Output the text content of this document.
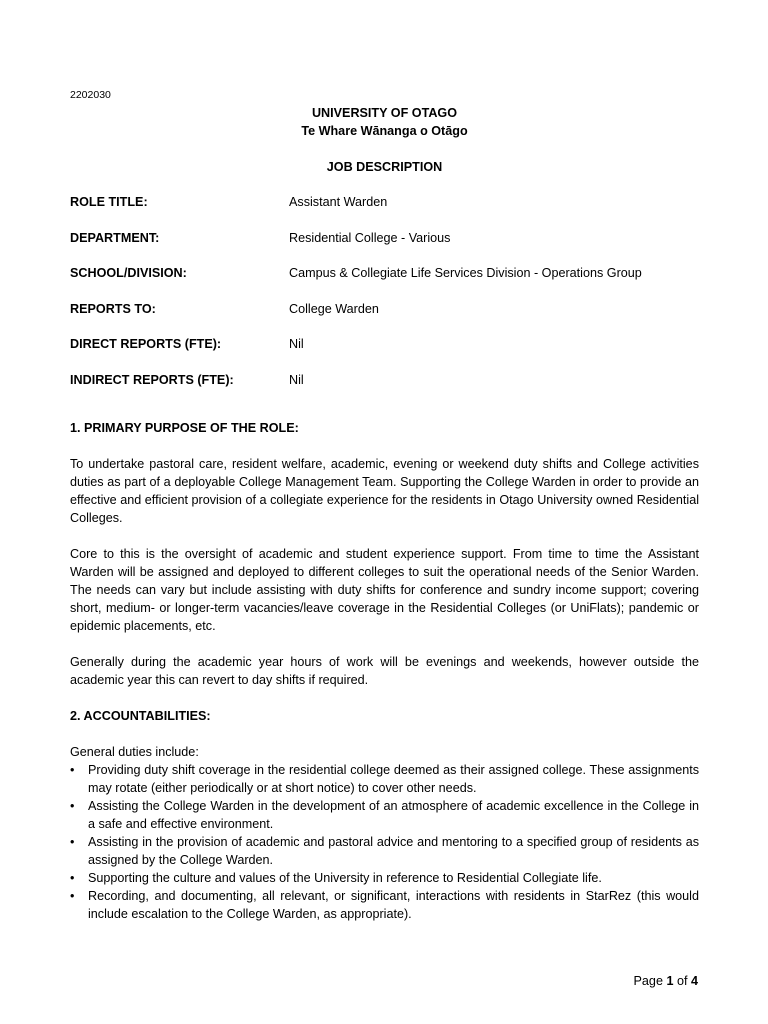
2202030
UNIVERSITY OF OTAGO
Te Whare Wānanga o Otāgo
JOB DESCRIPTION
ROLE TITLE:	Assistant Warden
DEPARTMENT:	Residential College - Various
SCHOOL/DIVISION:	Campus & Collegiate Life Services Division - Operations Group
REPORTS TO:	College Warden
DIRECT REPORTS (FTE):	Nil
INDIRECT REPORTS (FTE):	Nil
1. PRIMARY PURPOSE OF THE ROLE:
To undertake pastoral care, resident welfare, academic, evening or weekend duty shifts and College activities duties as part of a deployable College Management Team. Supporting the College Warden in order to provide an effective and efficient provision of a collegiate experience for the residents in Otago University owned Residential Colleges.
Core to this is the oversight of academic and student experience support. From time to time the Assistant Warden will be assigned and deployed to different colleges to suit the operational needs of the Senior Warden. The needs can vary but include assisting with duty shifts for conference and sundry income support; covering short, medium- or longer-term vacancies/leave coverage in the Residential Colleges (or UniFlats); pandemic or epidemic placements, etc.
Generally during the academic year hours of work will be evenings and weekends, however outside the academic year this can revert to day shifts if required.
2. ACCOUNTABILITIES:
General duties include:
• Providing duty shift coverage in the residential college deemed as their assigned college. These assignments may rotate (either periodically or at short notice) to cover other needs.
• Assisting the College Warden in the development of an atmosphere of academic excellence in the College in a safe and effective environment.
• Assisting in the provision of academic and pastoral advice and mentoring to a specified group of residents as assigned by the College Warden.
• Supporting the culture and values of the University in reference to Residential Collegiate life.
• Recording, and documenting, all relevant, or significant, interactions with residents in StarRez (this would include escalation to the College Warden, as appropriate).
Page 1 of 4
